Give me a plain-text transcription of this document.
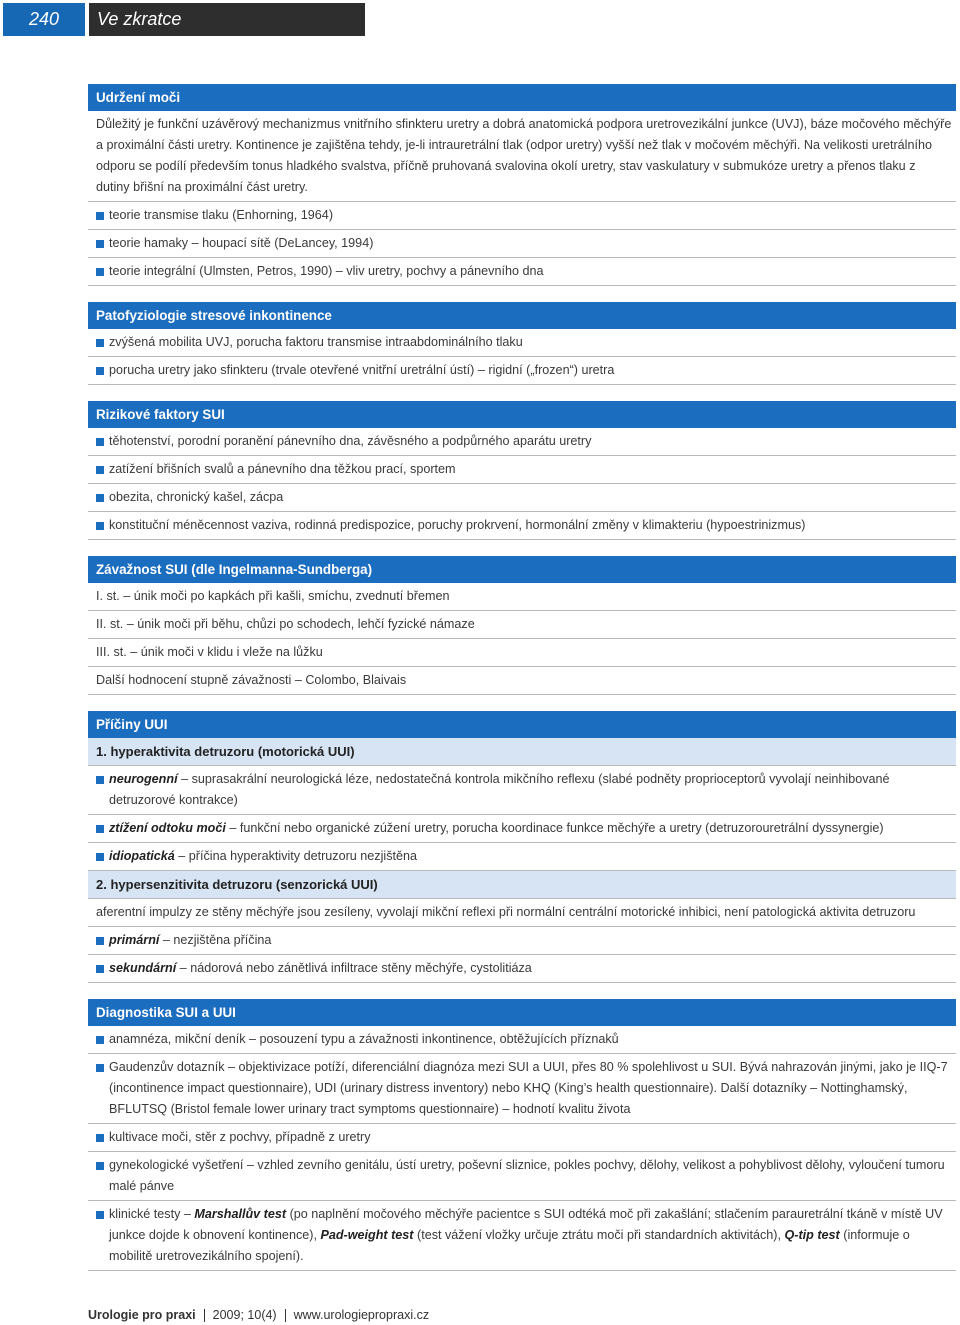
240	Ve zkratce
Udržení moči
Důležitý je funkční uzávěrový mechanizmus vnitřního sfinkteru uretry a dobrá anatomická podpora uretrovezikální junkce (UVJ), báze močového měchýře a proximální části uretry. Kontinence je zajištěna tehdy, je-li intrauretrální tlak (odpor uretry) vyšší než tlak v močovém měchýři. Na velikosti uretrálního odporu se podílí především tonus hladkého svalstva, příčně pruhovaná svalovina okolí uretry, stav vaskulatury v submukóze uretry a přenos tlaku z dutiny břišní na proximální část uretry.
teorie transmise tlaku (Enhorning, 1964)
teorie hamaky – houpací sítě (DeLancey, 1994)
teorie integrální (Ulmsten, Petros, 1990) – vliv uretry, pochvy a pánevního dna
Patofyziologie stresové inkontinence
zvýšená mobilita UVJ, porucha faktoru transmise intraabdominálního tlaku
porucha uretry jako sfinkteru (trvale otevřené vnitřní uretrální ústí) – rigidní („frozen“) uretra
Rizikové faktory SUI
těhotenství, porodní poranění pánevního dna, závěsného a podpůrného aparátu uretry
zatížení břišních svalů a pánevního dna těžkou prací, sportem
obezita, chronický kašel, zácpa
konstituční méněcennost vaziva, rodinná predispozice, poruchy prokrvení, hormonální změny v klimakteriu (hypoestrinizmus)
Závažnost SUI (dle Ingelmanna-Sundberga)
I. st. – únik moči po kapkách při kašli, smíchu, zvednutí břemen
II. st. – únik moči při běhu, chůzi po schodech, lehčí fyzické námaze
III. st. – únik moči v klidu i vleže na lůžku
Další hodnocení stupně závažnosti – Colombo, Blaivais
Příčiny UUI
1. hyperaktivita detruzoru (motorická UUI)
neurogenní – suprasakrální neurologická léze, nedostatečná kontrola mikčního reflexu (slabé podněty proprioceptorů vyvolají neinhibované detruzorové kontrakce)
ztížení odtoku moči – funkční nebo organické zúžení uretry, porucha koordinace funkce měchýře a uretry (detruzorouretrální dyssynergie)
idiopatická – příčina hyperaktivity detruzoru nezjištěna
2. hypersenzitivita detruzoru (senzorická UUI)
aferentní impulzy ze stěny měchýře jsou zesíleny, vyvolají mikční reflexi při normální centrální motorické inhibici, není patologická aktivita detruzoru
primární – nezjištěna příčina
sekundární – nádorová nebo zánětlivá infiltrace stěny měchýře, cystolitiáza
Diagnostika SUI a UUI
anamnéza, mikční deník – posouzení typu a závažnosti inkontinence, obtěžujících příznaků
Gaudenzův dotazník – objektivizace potíží, diferenciální diagnóza mezi SUI a UUI, přes 80 % spolehlivost u SUI. Bývá nahrazován jinými, jako je IIQ-7 (incontinence impact questionnaire), UDI (urinary distress inventory) nebo KHQ (King’s health questionnaire). Další dotazníky – Nottinghamský, BFLUTSQ (Bristol female lower urinary tract symptoms questionnaire) – hodnotí kvalitu života
kultivace moči, stěr z pochvy, případně z uretry
gynekologické vyšetření – vzhled zevního genitálu, ústí uretry, poševní sliznice, pokles pochvy, dělohy, velikost a pohyblivost dělohy, vyloučení tumoru malé pánve
klinické testy – Marshallův test (po naplnění močového měchýře pacientce s SUI odtéká moč při zakašlání; stlačením parauretrální tkáně v místě UV junkce dojde k obnovení kontinence), Pad-weight test (test vážení vložky určuje ztrátu moči při standardních aktivitách), Q-tip test (informuje o mobilitě uretrovezikálního spojení).
Urologie pro praxi 2009; 10(4) www.urologiepropraxi.cz
